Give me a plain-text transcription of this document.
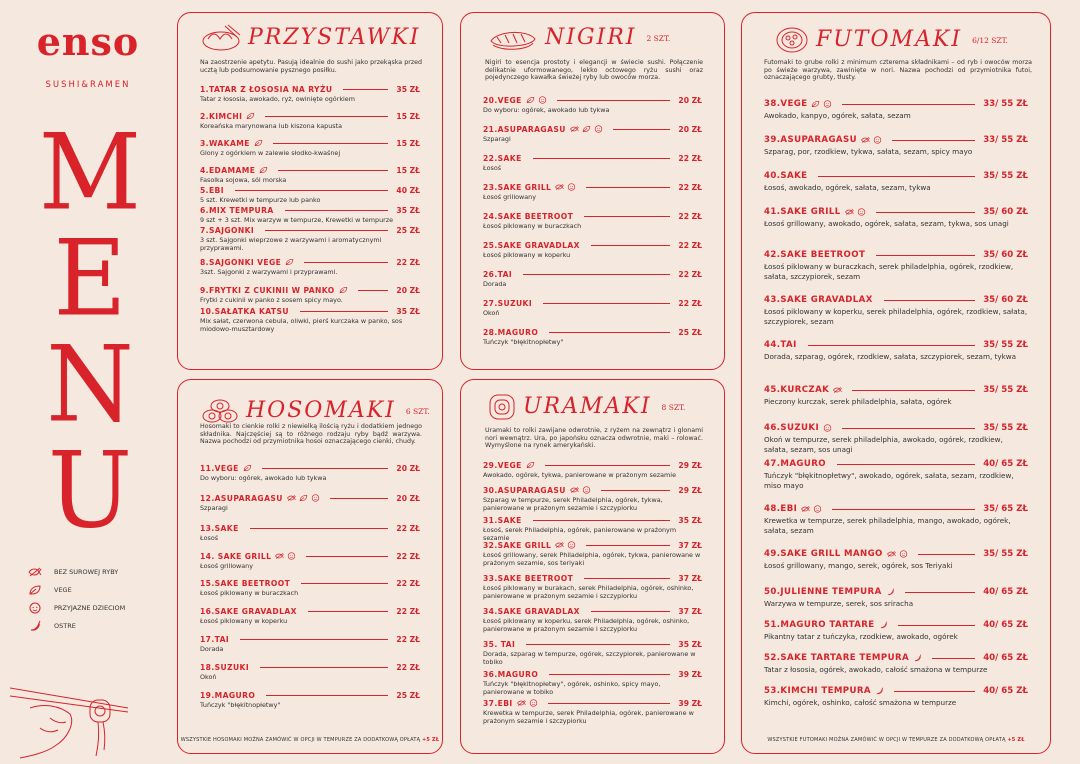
enso
SUSHI&RAMEN
M
E
N
U
BEZ SUROWEJ RYBY
VEGE
PRZYJAZNE DZIECIOM
OSTRE
PRZYSTAWKI
Na zaostrzenie apetytu. Pasują idealnie do sushi jako przekąska przed ucztą lub podsumowanie pysznego posiłku.
1.TATAR Z ŁOSOSIA NA RYŻU	35 ZŁ
Tatar z łososia, awokado, ryż, owinięte ogórkiem
2.KIMCHI	15 ZŁ
Koreańska marynowana lub kiszona kapusta
3.WAKAME	15 ZŁ
Glony z ogórkiem w zalewie słodko-kwaśnej
4.EDAMAME	15 ZŁ
Fasolka sojowa, sól morska
5.EBI	40 ZŁ
5 szt. Krewetki w tempurze lub panko
6.MIX TEMPURA	35 ZŁ
9 szt + 3 szt. Mix warzyw w tempurze, Krewetki w tempurze
7.SAJGONKI	25 ZŁ
3 szt. Sajgonki wieprzowe z warzywami i aromatycznymi przyprawami.
8.SAJGONKI VEGE	22 ZŁ
3szt. Sajgonki z warzywami i przyprawami.
9.FRYTKI Z CUKINII W PANKO	20 ZŁ
Frytki z cukinii w panko z sosem spicy mayo.
10.SAŁATKA KATSU	35 ZŁ
Mix sałat, czerwona cebula, oliwki, pierś kurczaka w panko, sos miodowo-musztardowy
NIGIRI 2 SZT.
Nigiri to esencja prostoty i elegancji w świecie sushi. Połączenie delikatnie uformowanego, lekko octowego ryżu sushi oraz pojedynczego kawałka świeżej ryby lub owoców morza.
20.VEGE	20 ZŁ
Do wyboru: ogórek, awokado lub tykwa
21.ASUPARAGASU	20 ZŁ
Szparagi
22.SAKE	22 ZŁ
Łosoś
23.SAKE GRILL	22 ZŁ
Łosoś grillowany
24.SAKE BEETROOT	22 ZŁ
Łosoś piklowany w buraczkach
25.SAKE GRAVADLAX	22 ZŁ
Łosoś piklowany w koperku
26.TAI	22 ZŁ
Dorada
27.SUZUKI	22 ZŁ
Okoń
28.MAGURO	25 ZŁ
Tuńczyk "błękitnopłetwy"
FUTOMAKI 6/12 SZT.
Futomaki to grube rolki z minimum czterema składnikami – od ryb i owoców morza po świeże warzywa, zawinięte w nori. Nazwa pochodzi od przymiotnika futoi, oznaczającego grubty, tłusty.
38.VEGE	33/ 55 ZŁ
Awokado, kanpyo, ogórek, sałata, sezam
39.ASUPARAGASU	33/ 55 ZŁ
Szparag, por, rzodkiew, tykwa, sałata, sezam, spicy mayo
40.SAKE	35/ 55 ZŁ
Łosoś, awokado, ogórek, sałata, sezam, tykwa
41.SAKE GRILL	35/ 60 ZŁ
Łosoś grillowany, awokado, ogórek, sałata, sezam, tykwa, sos unagi
42.SAKE BEETROOT	35/ 60 ZŁ
Łosoś piklowany w buraczkach, serek philadelphia, ogórek, rzodkiew, sałata, szczypiorek, sezam
43.SAKE GRAVADLAX	35/ 60 ZŁ
Łosoś piklowany w koperku, serek philadelphia, ogórek, rzodkiew, sałata, szczypiorek, sezam
44.TAI	35/ 55 ZŁ
Dorada, szparag, ogórek, rzodkiew, sałata, szczypiorek, sezam, tykwa
45.KURCZAK	35/ 55 ZŁ
Pieczony kurczak, serek philadelphia, sałata, ogórek
46.SUZUKI	35/ 55 ZŁ
Okoń w tempurze, serek philadelphia, awokado, ogórek, rzodkiew, sałata, sezam, sos unagi
47.MAGURO	40/ 65 ZŁ
Tuńczyk "błękitnopłetwy", awokado, ogórek, sałata, sezam, rzodkiew, miso mayo
48.EBI	35/ 65 ZŁ
Krewetka w tempurze, serek philadelphia, mango, awokado, ogórek, sałata, sezam
49.SAKE GRILL MANGO	35/ 55 ZŁ
Łosoś grillowany, mango, serek, ogórek, sos Teriyaki
50.JULIENNE TEMPURA	40/ 65 ZŁ
Warzywa w tempurze, serek, sos sriracha
51.MAGURO TARTARE	40/ 65 ZŁ
Pikantny tatar z tuńczyka, rzodkiew, awokado, ogórek
52.SAKE TARTARE TEMPURA	40/ 65 ZŁ
Tatar z łososia, ogórek, awokado, całość smażona w tempurze
53.KIMCHI TEMPURA	40/ 65 ZŁ
Kimchi, ogórek, oshinko, całość smażona w tempurze
WSZYSTKIE FUTOMAKI MOŻNA ZAMÓWIĆ W OPCJI W TEMPURZE ZA DODATKOWĄ OPŁATĄ +5 ZŁ
HOSOMAKI 6 SZT.
Hosomaki to cienkie rolki z niewielką ilością ryżu i dodatkiem jednego składnika. Najczęściej są to różnego rodzaju ryby bądź warzywa. Nazwa pochodzi od przymiotnika hosoi oznaczającego cienki, chudy.
11.VEGE	20 ZŁ
Do wyboru: ogórek, awokado lub tykwa
12.ASUPARAGASU	20 ZŁ
Szparagi
13.SAKE	22 ZŁ
Łosoś
14. SAKE GRILL	22 ZŁ
Łosoś grillowany
15.SAKE BEETROOT	22 ZŁ
Łosoś piklowany w buraczkach
16.SAKE GRAVADLAX	22 ZŁ
Łosoś piklowany w koperku
17.TAI	22 ZŁ
Dorada
18.SUZUKI	22 ZŁ
Okoń
19.MAGURO	25 ZŁ
Tuńczyk "błękitnopłetwy"
WSZYSTKIE HOSOMAKI MOŻNA ZAMÓWIĆ W OPCJI W TEMPURZE ZA DODATKOWĄ OPŁATĄ +5 ZŁ
URAMAKI 8 SZT.
Uramaki to rolki zawijane odwrotnie, z ryżem na zewnątrz i glonami nori wewnątrz. Ura, po japońsku oznacza odwrotnie, maki – rolować. Wymyślone na rynek amerykański.
29.VEGE	29 ZŁ
Awokado, ogórek, tykwa, panierowane w prażonym sezamie
30.ASUPARAGASU	29 ZŁ
Szparag w tempurze, serek Philadelphia, ogórek, tykwa, panierowane w prażonym sezamie i szczypiorku
31.SAKE	35 ZŁ
Łosoś, serek Philadelphia, ogórek, panierowane w prażonym sezamie
32.SAKE GRILL	37 ZŁ
Łosoś grillowany, serek Philadelphia, ogórek, tykwa, panierowane w prażonym sezamie, sos teriyaki
33.SAKE BEETROOT	37 ZŁ
Łosoś piklowany w burakach, serek Philadelphia, ogórek, oshinko, panierowane w prażonym sezamie i szczypiorku
34.SAKE GRAVADLAX	37 ZŁ
Łosoś piklowany w koperku, serek Philadelphia, ogórek, oshinko, panierowane w prażonym sezamie i szczypiorku
35. TAI	35 ZŁ
Dorada, szparag w tempurze, ogórek, szczypiorek, panierowane w tobiko
36.MAGURO	39 ZŁ
Tuńczyk "błękitnopłetwy", ogórek, oshinko, spicy mayo, panierowane w tobiko
37.EBI	39 ZŁ
Krewetka w tempurze, serek Philadelphia, ogórek, panierowane w prażonym sezamie i szczypiorku
